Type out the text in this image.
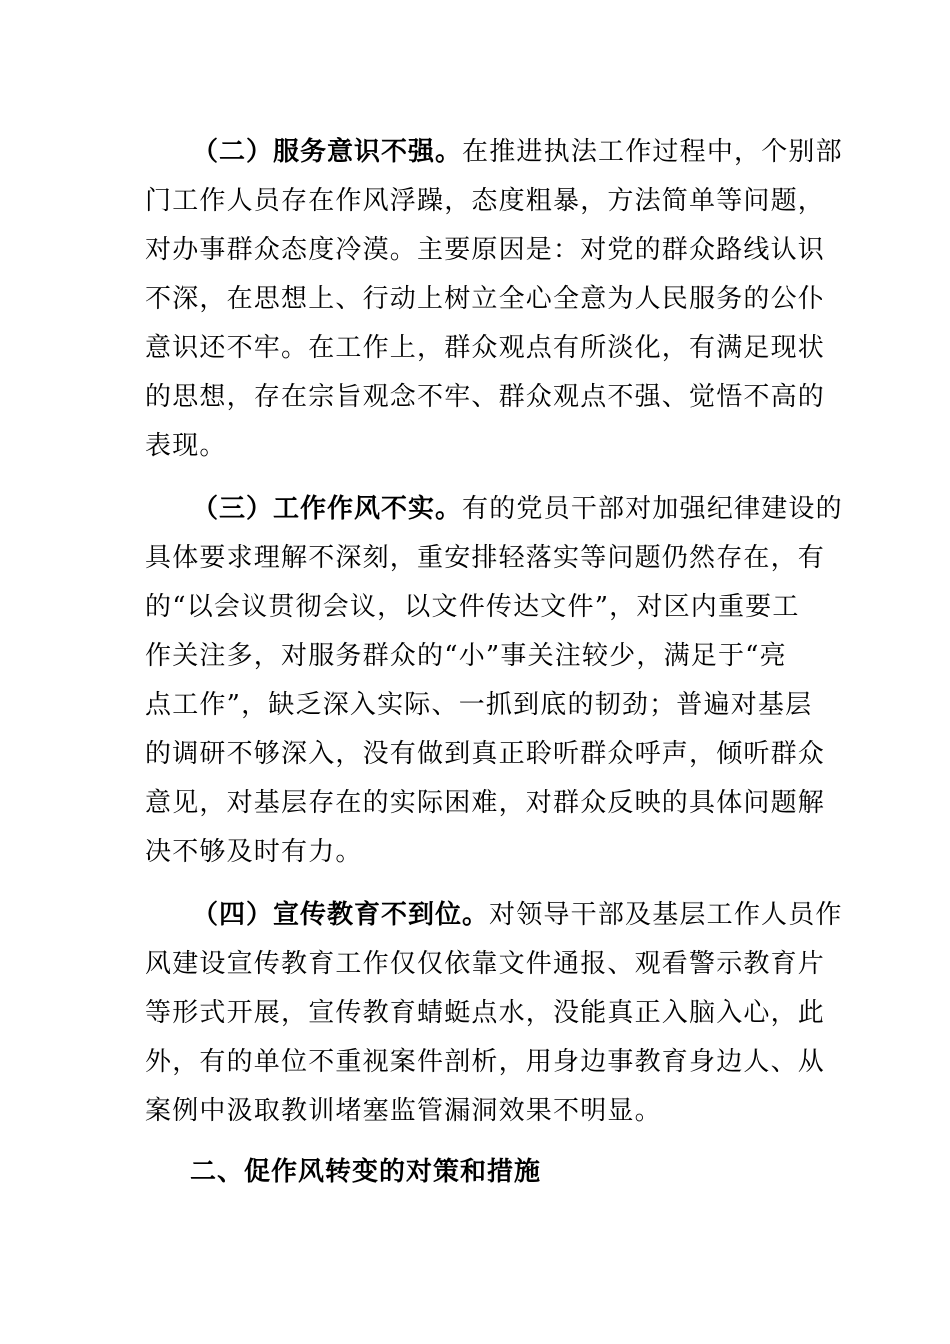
（二）服务意识不强。在推进执法工作过程中，个别部
门工作人员存在作风浮躁，态度粗暴，方法简单等问题，
对办事群众态度冷漠。主要原因是：对党的群众路线认识
不深，在思想上、行动上树立全心全意为人民服务的公仆
意识还不牢。在工作上，群众观点有所淡化，有满足现状
的思想，存在宗旨观念不牢、群众观点不强、觉悟不高的
表现。
（三）工作作风不实。有的党员干部对加强纪律建设的
具体要求理解不深刻，重安排轻落实等问题仍然存在，有
的“以会议贯彻会议，以文件传达文件”，对区内重要工
作关注多，对服务群众的“小”事关注较少，满足于“亮
点工作”，缺乏深入实际、一抓到底的韧劲；普遍对基层
的调研不够深入，没有做到真正聆听群众呼声，倾听群众
意见，对基层存在的实际困难，对群众反映的具体问题解
决不够及时有力。
（四）宣传教育不到位。对领导干部及基层工作人员作
风建设宣传教育工作仅仅依靠文件通报、观看警示教育片
等形式开展，宣传教育蜻蜓点水，没能真正入脑入心，此
外，有的单位不重视案件剖析，用身边事教育身边人、从
案例中汲取教训堵塞监管漏洞效果不明显。
二、促作风转变的对策和措施
